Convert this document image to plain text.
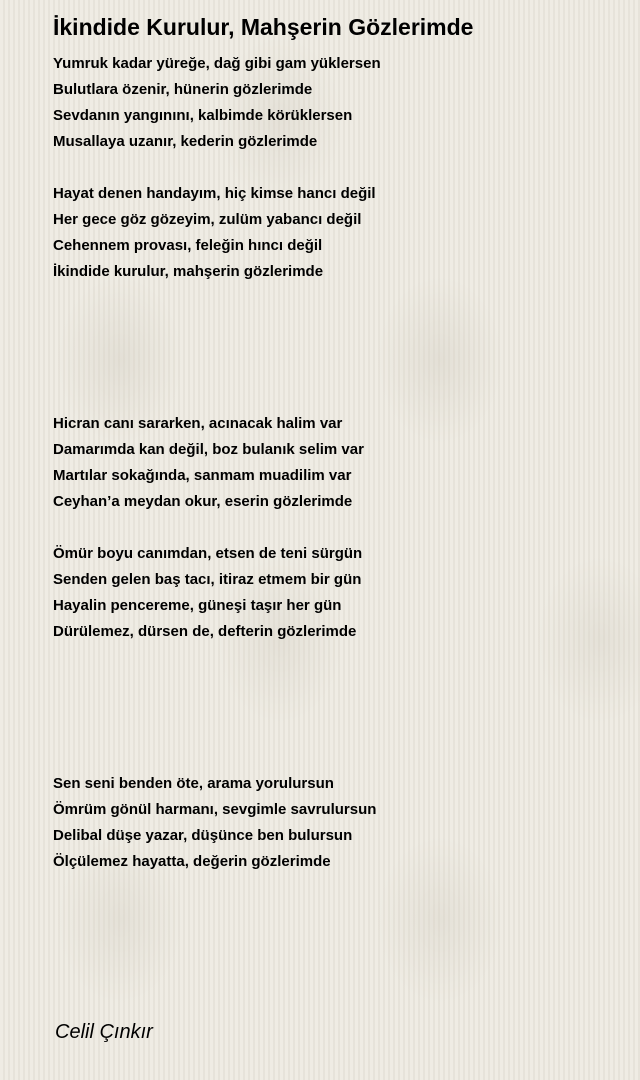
İkindide Kurulur, Mahşerin Gözlerimde
Yumruk kadar yüreğe, dağ gibi gam yüklersen
Bulutlara özenir, hünerin gözlerimde
Sevdanın yangınını, kalbimde körüklersen
Musallaya uzanır, kederin gözlerimde
Hayat denen handayım, hiç kimse hancı değil
Her gece göz gözeyim, zulüm yabancı değil
Cehennem provası, feleğin hıncı değil
İkindide kurulur, mahşerin gözlerimde
Hicran canı sararken, acınacak halim var
Damarımda kan değil, boz bulanık selim var
Martılar sokağında, sanmam muadilim var
Ceyhan’a meydan okur, eserin gözlerimde
Ömür boyu canımdan, etsen de teni sürgün
Senden gelen baş tacı, itiraz etmem bir gün
Hayalin pencereme, güneşi taşır her gün
Dürülemez, dürsen de, defterin gözlerimde
Sen seni benden öte, arama yorulursun
Ömrüm gönül harmanı, sevgimle savrulursun
Delibal düşe yazar, düşünce ben bulursun
Ölçülemez hayatta, değerin gözlerimde
Celil Çınkır
